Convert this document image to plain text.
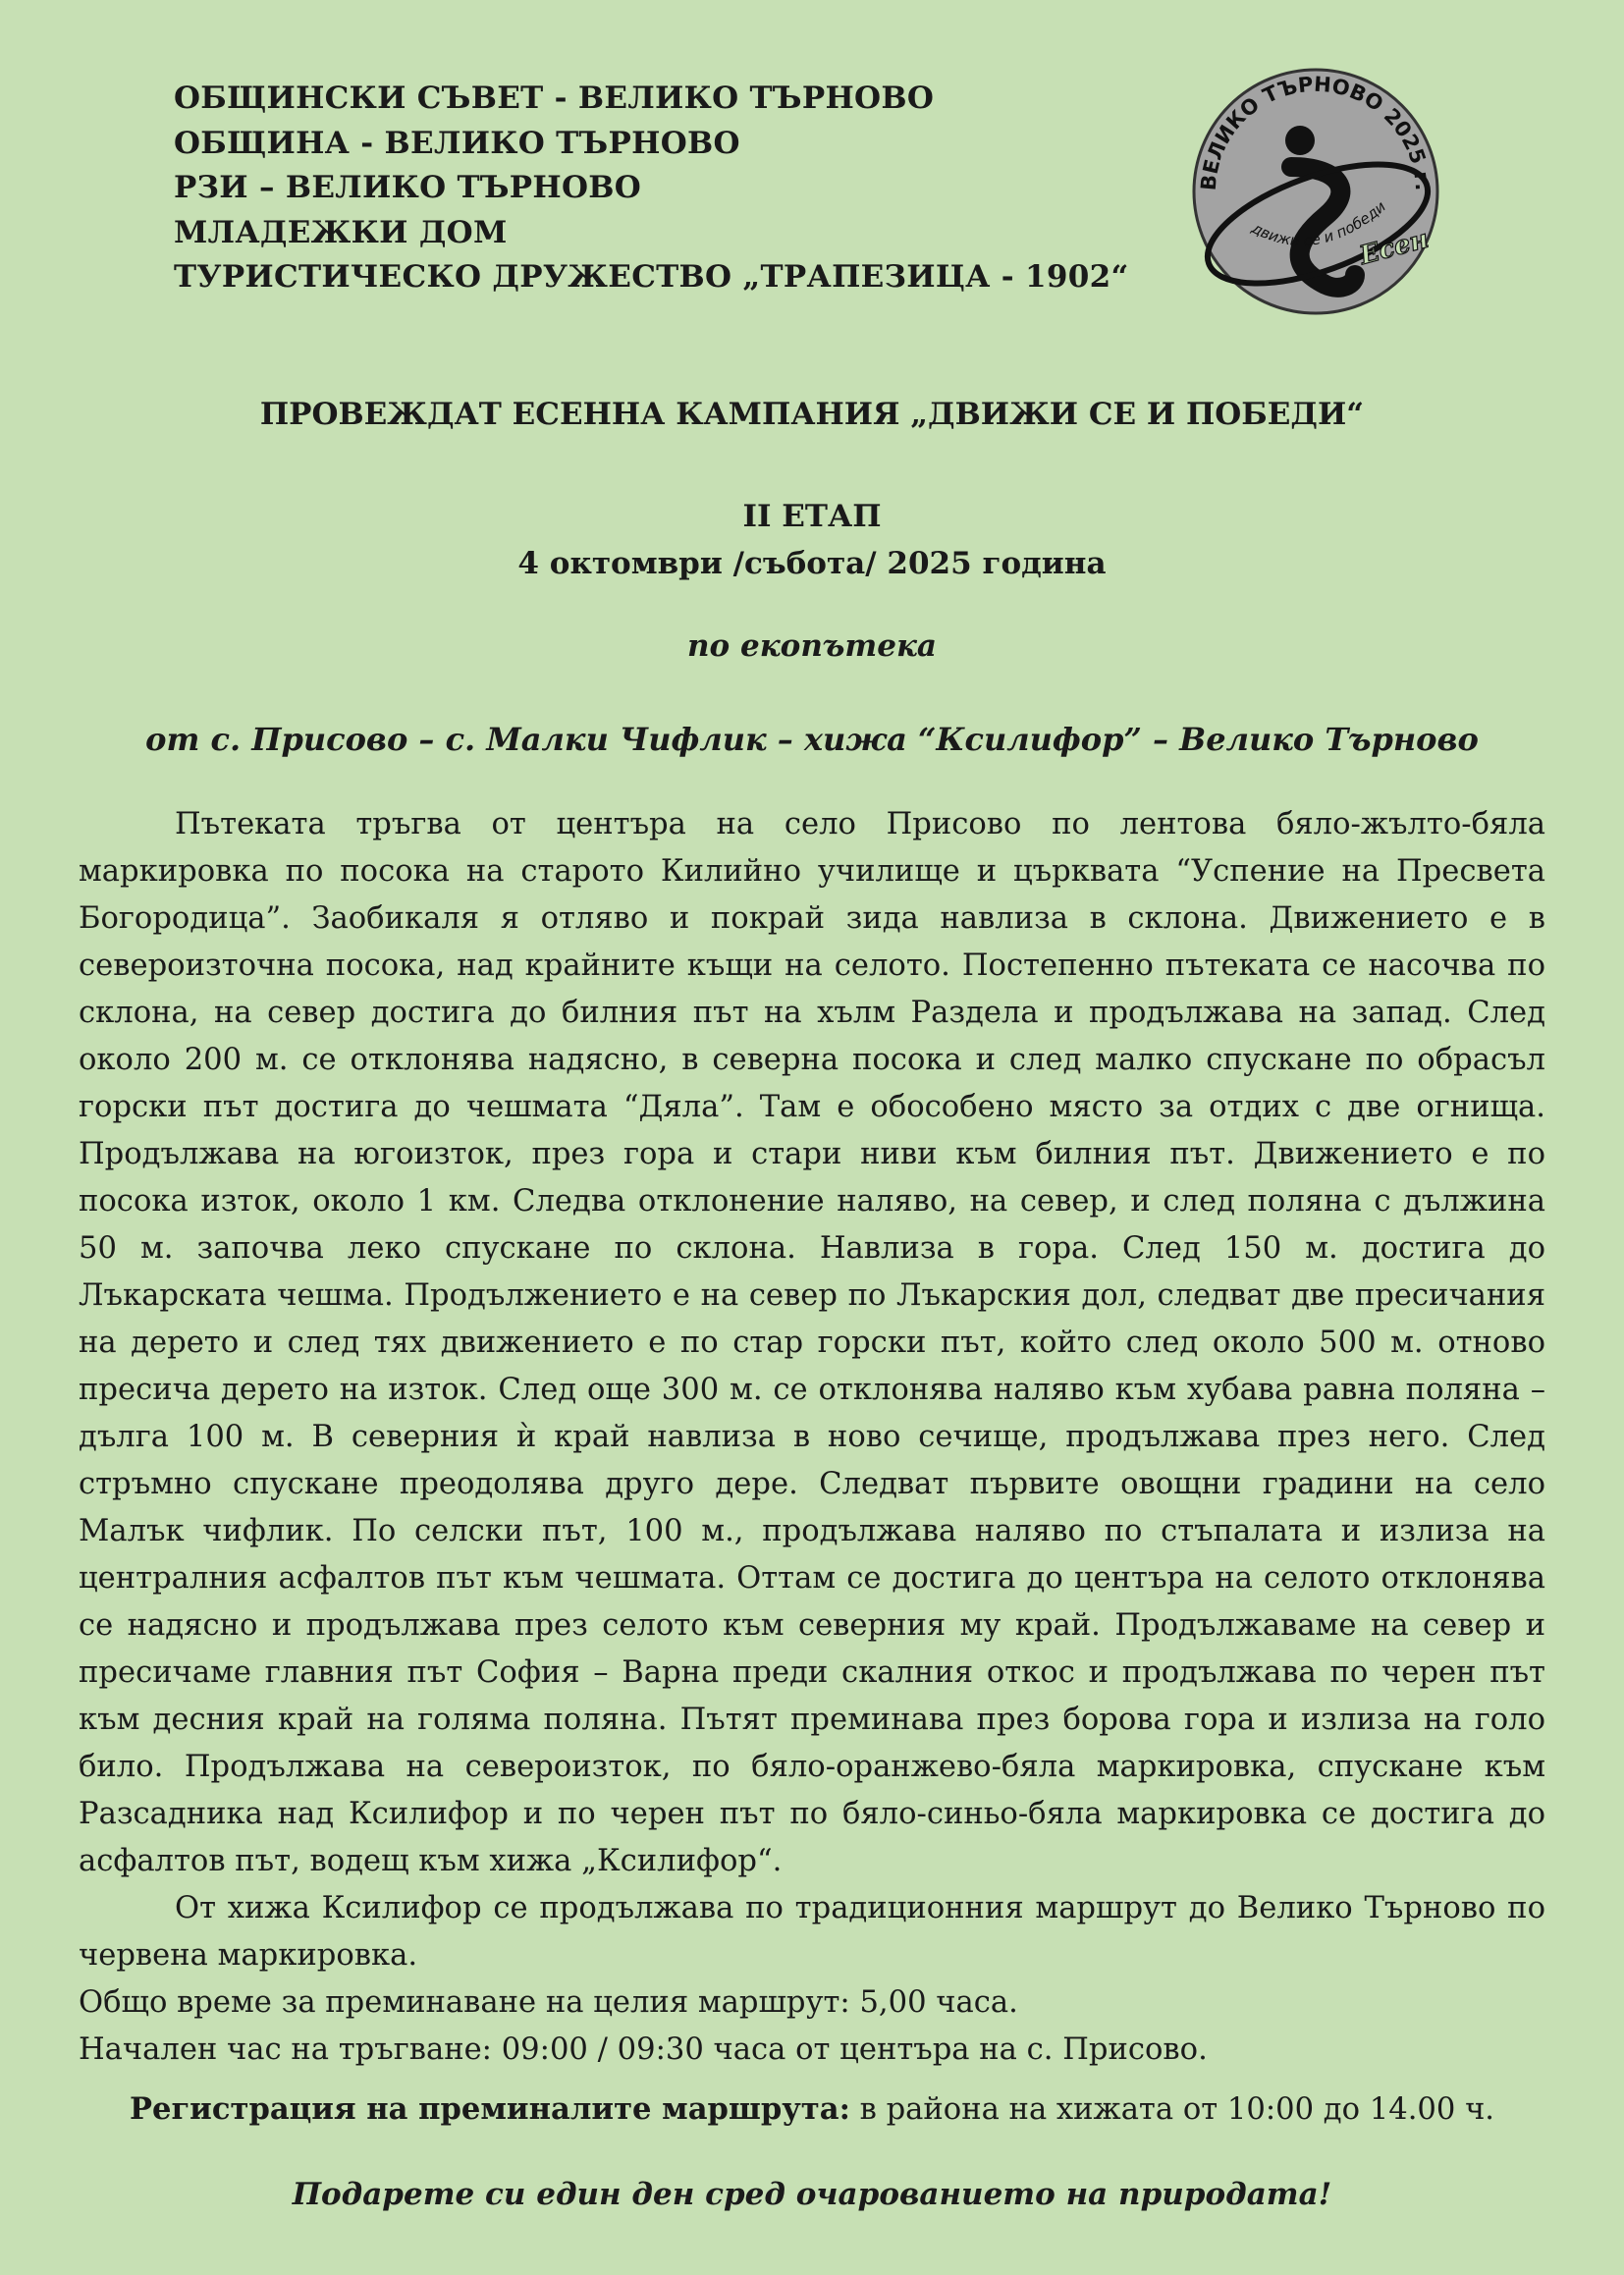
ОБЩИНСКИ СЪВЕТ - ВЕЛИКО ТЪРНОВО
ОБЩИНА - ВЕЛИКО ТЪРНОВО
РЗИ – ВЕЛИКО ТЪРНОВО
МЛАДЕЖКИ ДОМ
ТУРИСТИЧЕСКО ДРУЖЕСТВО „ТРАПЕЗИЦА - 1902“
ВЕЛИКО ТЪРНОВО 2025 г.
движи се и победи
Есен
ПРОВЕЖДАТ ЕСЕННА КАМПАНИЯ „ДВИЖИ СЕ И ПОБЕДИ“
II ЕТАП
4 октомври /събота/ 2025 година
по екопътека
от с. Присово – с. Малки Чифлик – хижа “Ксилифор” – Велико Търново

Пътеката тръгва от центъра на село Присово по лентова бяло-жълто-бяла маркировка по посока на старото Килийно училище и църквата “Успение на Пресвета Богородица”. Заобикаля я отляво и покрай зида навлиза в склона. Движението е в североизточна посока, над крайните къщи на селото. Постепенно пътеката се насочва по склона, на север достига до билния път на хълм Раздела и продължава на запад. След около 200 м. се отклонява надясно, в северна посока и след малко спускане по обрасъл горски път достига до чешмата “Дяла”. Там е обособено място за отдих с две огнища. Продължава на югоизток, през гора и стари ниви към билния път. Движението е по посока изток, около 1 км. Следва отклонение наляво, на север, и след поляна с дължина 50 м. започва леко спускане по склона. Навлиза в гора. След 150 м. достига до Лъкарската чешма. Продължението е на север по Лъкарския дол, следват две пресичания на дерето и след тях движението е по стар горски път, който след около 500 м. отново пресича дерето на изток. След още 300 м. се отклонява наляво към хубава равна поляна – дълга 100 м. В северния ѝ край навлиза в ново сечище, продължава през него. След стръмно спускане преодолява друго дере. Следват първите овощни градини на село Малък чифлик. По селски път, 100 м., продължава наляво по стъпалата и излиза на централния асфалтов път към чешмата. Оттам се достига до центъра на селото отклонява се надясно и продължава през селото към северния му край. Продължаваме на север и пресичаме главния път София – Варна преди скалния откос и продължава по черен път към десния край на голяма поляна. Пътят преминава през борова гора и излиза на голо било. Продължава на североизток, по бяло-оранжево-бяла маркировка, спускане към Разсадника над Ксилифор и по черен път по бяло-синьо-бяла маркировка се достига до асфалтов път, водещ към хижа „Ксилифор“.

От хижа Ксилифор се продължава по традиционния маршрут до Велико Търново по червена маркировка.

Общо време за преминаване на целия маршрут: 5,00 часа.

Начален час на тръгване: 09:00 / 09:30 часа от центъра на с. Присово.

Регистрация на преминалите маршрута: в района на хижата от 10:00 до 14.00 ч.
Подарете си един ден сред очарованието на природата!
